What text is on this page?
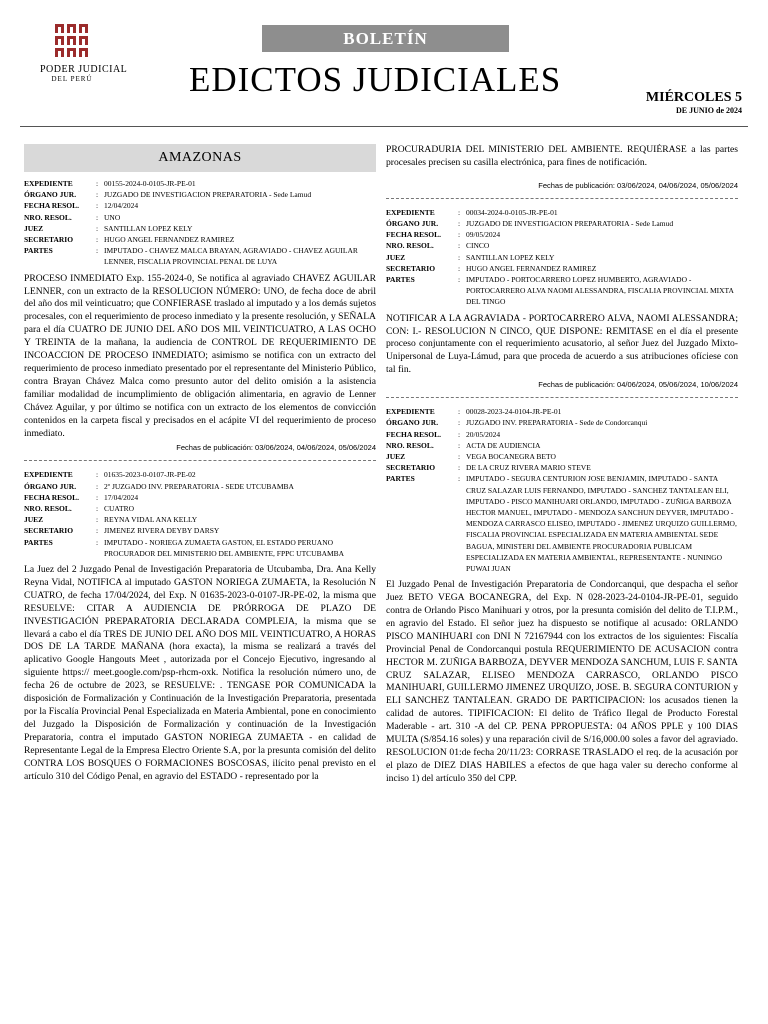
PODER JUDICIAL
DEL PERÚ
BOLETÍN
EDICTOS JUDICIALES	MIÉRCOLES 5
DE JUNIO de 2024
AMAZONAS
EXPEDIENTE	: 00155-2024-0-0105-JR-PE-01
ÓRGANO JUR.	: JUZGADO DE INVESTIGACION PREPARATORIA - Sede Lamud
FECHA RESOL.	: 12/04/2024
NRO. RESOL.	: UNO
JUEZ	: SANTILLAN LOPEZ KELY
SECRETARIO	: HUGO ANGEL FERNANDEZ RAMIREZ
PARTES	: IMPUTADO - CHAVEZ MALCA BRAYAN, AGRAVIADO - CHAVEZ AGUILAR LENNER, FISCALIA PROVINCIAL PENAL DE LUYA
PROCESO INMEDIATO Exp. 155-2024-0, Se notifica al agraviado CHAVEZ AGUILAR LENNER, con un extracto de la RESOLUCION NÚMERO: UNO, de fecha doce de abril del año dos mil veinticuatro; que CONFIERASE traslado al imputado y a los demás sujetos procesales, con el requerimiento de proceso inmediato y la presente resolución, y SEÑALA para el día CUATRO DE JUNIO DEL AÑO DOS MIL VEINTICUATRO, A LAS OCHO Y TREINTA de la mañana, la audiencia de CONTROL DE REQUERIMIENTO DE INCOACCION DE PROCESO INMEDIATO; asimismo se notifica con un extracto del requerimiento de proceso inmediato presentado por el representante del Ministerio Público, contra Brayan Chávez Malca como presunto autor del delito omisión a la asistencia familiar modalidad de incumplimiento de obligación alimentaria, en agravio de Lenner Chávez Aguilar, y por último se notifica con un extracto de los elementos de convicción contenidos en la carpeta fiscal y precisados en el acápite VI del requerimiento de proceso inmediato.
Fechas de publicación: 03/06/2024, 04/06/2024, 05/06/2024
EXPEDIENTE	: 01635-2023-0-0107-JR-PE-02
ÓRGANO JUR.	: 2º JUZGADO INV. PREPARATORIA - SEDE UTCUBAMBA
FECHA RESOL.	: 17/04/2024
NRO. RESOL.	: CUATRO
JUEZ	: REYNA VIDAL ANA KELLY
SECRETARIO	: JIMENEZ RIVERA DEYBY DARSY
PARTES	: IMPUTADO - NORIEGA ZUMAETA GASTON, EL ESTADO PERUANO PROCURADOR DEL MINISTERIO DEL AMBIENTE, FPPC UTCUBAMBA
La Juez del 2 Juzgado Penal de Investigación Preparatoria de Utcubamba, Dra. Ana Kelly Reyna Vidal, NOTIFICA al imputado GASTON NORIEGA ZUMAETA, la Resolución N CUATRO, de fecha 17/04/2024, del Exp. N 01635-2023-0-0107-JR-PE-02, la misma que RESUELVE: CITAR A AUDIENCIA DE PRÓRROGA DE PLAZO DE INVESTIGACIÓN PREPARATORIA DECLARADA COMPLEJA, la misma que se llevará a cabo el día TRES DE JUNIO DEL AÑO DOS MIL VEINTICUATRO, A HORAS DOS DE LA TARDE MAÑANA (hora exacta), la misma se realizará a través del aplicativo Google Hangouts Meet , autorizada por el Concejo Ejecutivo, ingresando al siguiente https:// meet.google.com/psp-rhcm-oxk. Notifica la resolución número uno, de fecha 26 de octubre de 2023, se RESUELVE: . TENGASE POR COMUNICADA la disposición de Formalización y Continuación de la Investigación Preparatoria, presentada por la Fiscalía Provincial Penal Especializada en Materia Ambiental, pone en conocimiento del Juzgado la Disposición de Formalización y continuación de la Investigación Preparatoria, contra el imputado GASTON NORIEGA ZUMAETA - en calidad de Representante Legal de la Empresa Electro Oriente S.A, por la presunta comisión del delito CONTRA LOS BOSQUES O FORMACIONES BOSCOSAS, ilícito penal previsto en el artículo 310 del Código Penal, en agravio del ESTADO - representado por la
PROCURADURIA DEL MINISTERIO DEL AMBIENTE. REQUIÉRASE a las partes procesales precisen su casilla electrónica, para fines de notificación.
Fechas de publicación: 03/06/2024, 04/06/2024, 05/06/2024
EXPEDIENTE	: 00034-2024-0-0105-JR-PE-01
ÓRGANO JUR.	: JUZGADO DE INVESTIGACION PREPARATORIA - Sede Lamud
FECHA RESOL.	: 09/05/2024
NRO. RESOL.	: CINCO
JUEZ	: SANTILLAN LOPEZ KELY
SECRETARIO	: HUGO ANGEL FERNANDEZ RAMIREZ
PARTES	: IMPUTADO - PORTOCARRERO LOPEZ HUMBERTO, AGRAVIADO - PORTOCARRERO ALVA NAOMI ALESSANDRA, FISCALIA PROVINCIAL MIXTA DEL TINGO
NOTIFICAR A LA AGRAVIADA - PORTOCARRERO ALVA, NAOMI ALESSANDRA; CON: I.- RESOLUCION N CINCO, QUE DISPONE: REMITASE en el día el presente proceso conjuntamente con el requerimiento acusatorio, al señor Juez del Juzgado Mixto-Unipersonal de Luya-Lámud, para que proceda de acuerdo a sus atribuciones ofíciese con tal fin.
Fechas de publicación: 04/06/2024, 05/06/2024, 10/06/2024
EXPEDIENTE	: 00028-2023-24-0104-JR-PE-01
ÓRGANO JUR.	: JUZGADO INV. PREPARATORIA - Sede de Condorcanqui
FECHA RESOL.	: 20/05/2024
NRO. RESOL.	: ACTA DE AUDIENCIA
JUEZ	: VEGA BOCANEGRA BETO
SECRETARIO	: DE LA CRUZ RIVERA MARIO STEVE
PARTES	: IMPUTADO - SEGURA CENTURION JOSE BENJAMIN, IMPUTADO - SANTA CRUZ SALAZAR LUIS FERNANDO, IMPUTADO - SANCHEZ TANTALEAN ELI, IMPUTADO - PISCO MANIHUARI ORLANDO, IMPUTADO - ZUÑIGA BARBOZA HECTOR MANUEL, IMPUTADO - MENDOZA SANCHUN DEYVER, IMPUTADO - MENDOZA CARRASCO ELISEO, IMPUTADO - JIMENEZ URQUIZO GUILLERMO, FISCALIA PROVINCIAL ESPECIALIZADA EN MATERIA AMBIENTAL SEDE BAGUA, MINISTERI DEL AMBIENTE PROCURADORIA PUBLICAM ESPECIALIZADA EN MATERIA AMBIENTAL, REPRESENTANTE - NUNINGO PUWAI JUAN
El Juzgado Penal de Investigación Preparatoria de Condorcanqui, que despacha el señor Juez BETO VEGA BOCANEGRA, del Exp. N 028-2023-24-0104-JR-PE-01, seguido contra de Orlando Pisco Manihuari y otros, por la presunta comisión del delito de T.I.P.M., en agravio del Estado. El señor juez ha dispuesto se notifique al acusado: ORLANDO PISCO MANIHUARI con DNI N 72167944 con los extractos de los siguientes: Fiscalía Provincial Penal de Condorcanqui postula REQUERIMIENTO DE ACUSACION contra HECTOR M. ZUÑIGA BARBOZA, DEYVER MENDOZA SANCHUM, LUIS F. SANTA CRUZ SALAZAR, ELISEO MENDOZA CARRASCO, ORLANDO PISCO MANIHUARI, GUILLERMO JIMENEZ URQUIZO, JOSE. B. SEGURA CONTURION y ELI SANCHEZ TANTALEAN. GRADO DE PARTICIPACION: los acusados tienen la calidad de autores. TIPIFICACION: El delito de Tráfico Ilegal de Producto Forestal Maderable - art. 310 -A del CP. PENA PPROPUESTA: 04 AÑOS PPLE y 100 DIAS MULTA (S/854.16 soles) y una reparación civil de S/16,000.00 soles a favor del agraviado. RESOLUCION 01:de fecha 20/11/23: CORRASE TRASLADO el req. de la acusación por el plazo de DIEZ DIAS HABILES a efectos de que haga valer su derecho conforme al inciso 1) del artículo 350 del CPP.
